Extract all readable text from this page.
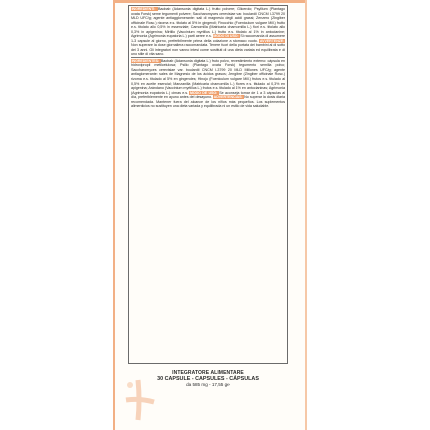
INGREDIENTI: Baobab (Adansonia digitata L.) frutto polvere; Glicerolo; Psyllium (Plantago ovata Forsk) seme tegumenti polvere; Saccharomyces cerevisiae var. boulardii CNCM I-3799 20 MLD UFC/g; agente antiagglomerante: sali di magnesio degli acidi grassi; Zenzero (Zingiber officinale Rosc.) rizoma e.s. titolato al 5% in gingeroli; Finocchio (Foeniculum vulgare Mill.) frutto e.s. titolato allo 0,5% in essenziale; Camomilla (Matricaria chamomilla L.) fiori e.s. titolato allo 0,3% in apigenina; Mirtillo (Vaccinium myrtillus L.) frutto e.s. titolato al 1% in antocianine; Agrimonia (Agrimonia eupatoria L.) parti aeree e.s. MODO DI USO: Si raccomanda di assumere 1-3 capsule al giorno, preferibilmente prima della colazione a stomaco vuoto. AVVERTENZE: Non superare la dose giornaliera raccomandata. Tenere fuori della portata dei bambini al di sotto dei 3 anni. Gli integratori non vanno intesi come sostituti di una dieta variata ed equilibrata e di uno stile di vita sano.
INGREDIENTES: Baobab (Adansonia digitata L.) fruto polvo, revestimiento externo: cápsula en hidroxipropil metilcelulosa; Psilio (Plantago ovata Forsk) tegumento semilla polvo; Saccharomyces cerevisiae var. boulardii CNCM I-3799 20 MLD Millones UFC/g; agente antiaglomerante: sales de Magnesio de los ácidos grasos; Jengibre (Zingiber officinale Rosc.) rizoma e.s. titulado al 5% en gingeroles; Hinojo (Foeniculum vulgare Mill.) frutos e.s. titulado al 0,5% en aceite esencial; Manzanilla (Matricaria chamomilla L.) flores e.s. titulado al 0,3% en apigenina; Arándano (Vaccinium myrtillus L.) frutos e.s. titulado al 1% en antocianinas; Agrimonia (Agrimonia eupatoria L.) cimas e.s. MODO DE USO: Se aconseja tomar de 1 a 3 cápsulas al día, preferiblemente en ayuno antes del desayuno. ADVERTENCIAS: No superar la dosis diaria recomendada. Mantener fuera del alcance de los niños más pequeños. Los suplementos alimenticios no sustituyen una dieta variada y equilibrada ni un estilo de vida saludable.
INTEGRATORE ALIMENTARE
30 CAPSULE - CAPSULES - CÁPSULAS
da 585 mg - 17,55 g℮
